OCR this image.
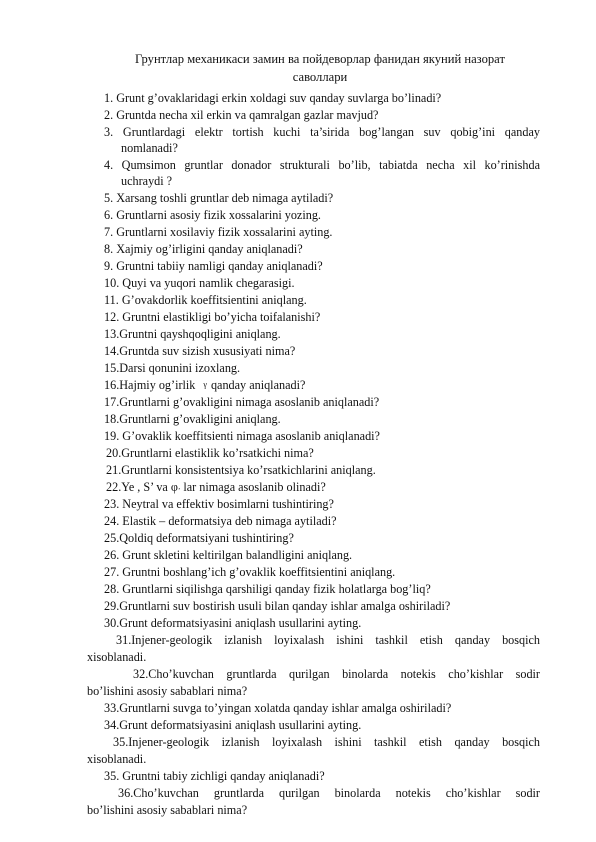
Грунтлар механикаси замин ва пойдеворлар фанидан якуний назорат
саволлари
1. Grunt g’ovaklaridagi erkin xoldagi suv qanday suvlarga bo’linadi?
2. Gruntda necha xil erkin va qamralgan gazlar mavjud?
3. Gruntlardagi elektr tortish kuchi ta’sirida bog’langan suv qobig’ini qanday
nomlanadi?
4. Qumsimon gruntlar donador strukturali bo’lib, tabiatda necha xil ko’rinishda
uchraydi ?
5. Xarsang toshli gruntlar deb nimaga aytiladi?
6. Gruntlarni asosiy fizik xossalarini yozing.
7. Gruntlarni xosilaviy fizik xossalarini ayting.
8. Xajmiy og’irligini qanday aniqlanadi?
9. Gruntni tabiiy namligi qanday aniqlanadi?
10. Quyi va yuqori namlik chegarasigi.
11. G’ovakdorlik koeffitsientini aniqlang.
12. Gruntni elastikligi bo’yicha toifalanishi?
13.Gruntni qayshqoqligini aniqlang.
14.Gruntda suv sizish xususiyati nima?
15.Darsi qonunini izoxlang.
16.Hajmiy og’irlik γ qanday aniqlanadi?
17.Gruntlarni g’ovakligini nimaga asoslanib aniqlanadi?
18.Gruntlarni g’ovakligini aniqlang.
19. G’ovaklik koeffitsienti nimaga asoslanib aniqlanadi?
20.Gruntlarni elastiklik ko’rsatkichi nima?
21.Gruntlarni konsistentsiya ko’rsatkichlarini aniqlang.
22.Ye , S’ va φ’ lar nimaga asoslanib olinadi?
23. Neytral va effektiv bosimlarni tushintiring?
24. Elastik – deformatsiya deb nimaga aytiladi?
25.Qoldiq deformatsiyani tushintiring?
26. Grunt skletini keltirilgan balandligini aniqlang.
27. Gruntni boshlang’ich g’ovaklik koeffitsientini aniqlang.
28. Gruntlarni siqilishga qarshiligi qanday fizik holatlarga bog’liq?
29.Gruntlarni suv bostirish usuli bilan qanday ishlar amalga oshiriladi?
30.Grunt deformatsiyasini aniqlash usullarini ayting.
31.Injener-geologik izlanish loyixalash ishini tashkil etish qanday bosqich
xisoblanadi.
32.Cho’kuvchan gruntlarda qurilgan binolarda notekis cho’kishlar sodir
bo’lishini asosiy sabablari nima?
33.Gruntlarni suvga to’yingan xolatda qanday ishlar amalga oshiriladi?
34.Grunt deformatsiyasini aniqlash usullarini ayting.
35.Injener-geologik izlanish loyixalash ishini tashkil etish qanday bosqich
xisoblanadi.
35. Gruntni tabiy zichligi qanday aniqlanadi?
36.Cho’kuvchan gruntlarda qurilgan binolarda notekis cho’kishlar sodir
bo’lishini asosiy sabablari nima?
